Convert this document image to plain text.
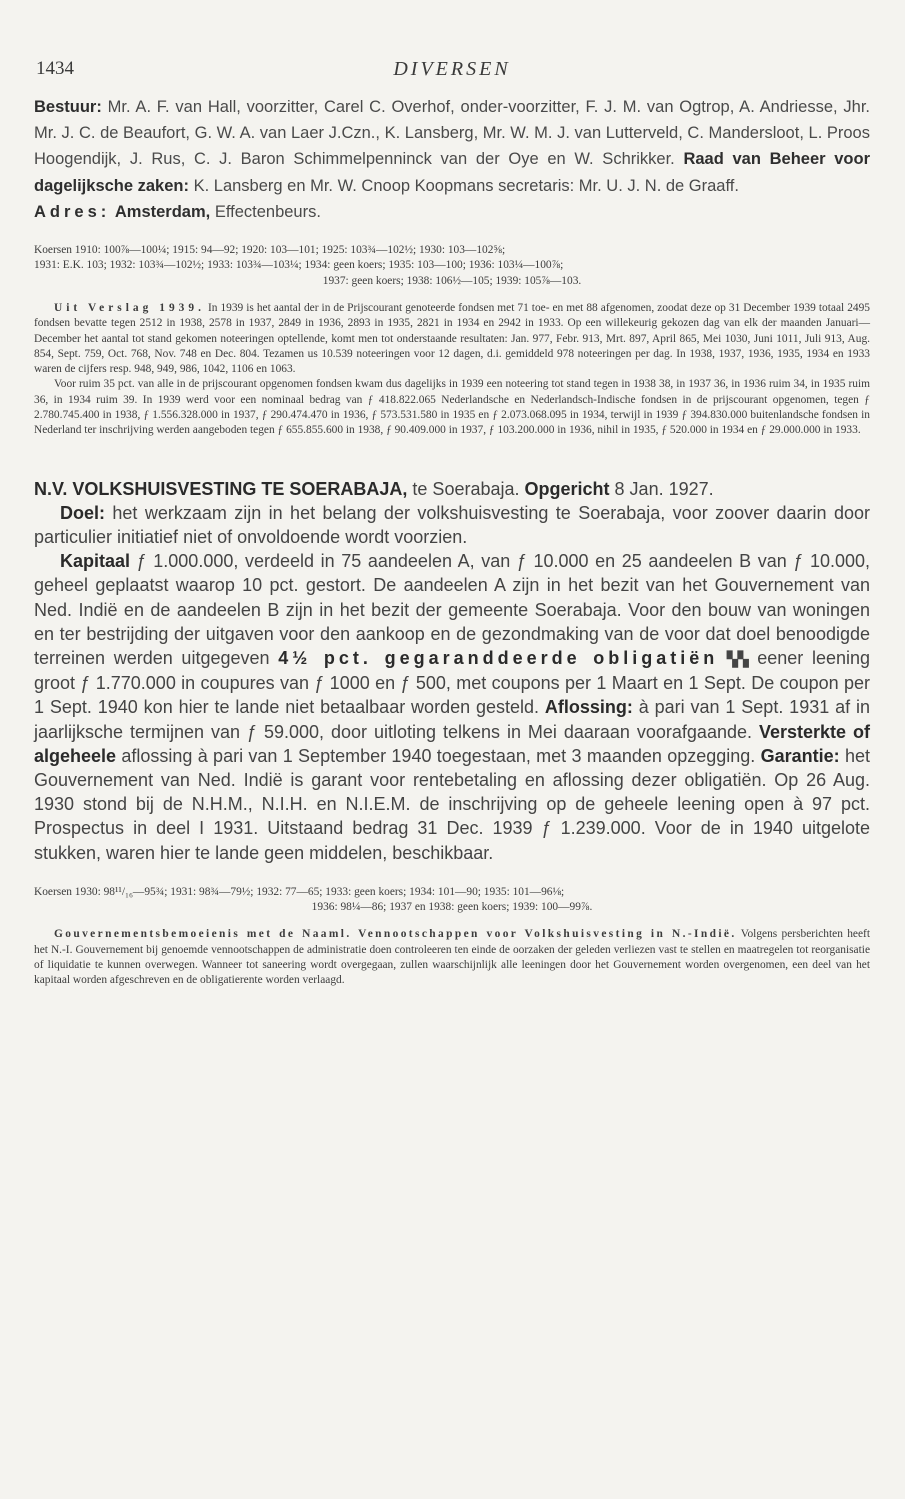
1434	DIVERSEN

Bestuur: Mr. A. F. van Hall, voorzitter, Carel C. Overhof, onder-voorzitter, F. J. M. van Ogtrop, A. Andriesse, Jhr. Mr. J. C. de Beaufort, G. W. A. van Laer J.Czn., K. Lansberg, Mr. W. M. J. van Lutterveld, C. Mandersloot, L. Proos Hoogendijk, J. Rus, C. J. Baron Schimmelpenninck van der Oye en W. Schrikker. Raad van Beheer voor dagelijksche zaken: K. Lansberg en Mr. W. Cnoop Koopmans secretaris: Mr. U. J. N. de Graaff.

Adres: Amsterdam, Effectenbeurs.

Koersen 1910: 100⅞—100¼; 1915: 94—92; 1920: 103—101; 1925: 103¾—102½; 1930: 103—102⅝;

1931: E.K. 103; 1932: 103¾—102½; 1933: 103¾—103¼; 1934: geen koers; 1935: 103—100; 1936: 103¼—100⅞;

1937: geen koers; 1938: 106½—105; 1939: 105⅞—103.

Uit Verslag 1939. In 1939 is het aantal der in de Prijscourant genoteerde fondsen met 71 toe- en met 88 afgenomen, zoodat deze op 31 December 1939 totaal 2495 fondsen bevatte tegen 2512 in 1938, 2578 in 1937, 2849 in 1936, 2893 in 1935, 2821 in 1934 en 2942 in 1933. Op een willekeurig gekozen dag van elk der maanden Januari—December het aantal tot stand gekomen noteeringen optellende, komt men tot onderstaande resultaten: Jan. 977, Febr. 913, Mrt. 897, April 865, Mei 1030, Juni 1011, Juli 913, Aug. 854, Sept. 759, Oct. 768, Nov. 748 en Dec. 804. Tezamen us 10.539 noteeringen voor 12 dagen, d.i. gemiddeld 978 noteeringen per dag. In 1938, 1937, 1936, 1935, 1934 en 1933 waren de cijfers resp. 948, 949, 986, 1042, 1106 en 1063.

Voor ruim 35 pct. van alle in de prijscourant opgenomen fondsen kwam dus dagelijks in 1939 een noteering tot stand tegen in 1938 38, in 1937 36, in 1936 ruim 34, in 1935 ruim 36, in 1934 ruim 39. In 1939 werd voor een nominaal bedrag van ƒ 418.822.065 Nederlandsche en Nederlandsch-Indische fondsen in de prijscourant opgenomen, tegen ƒ 2.780.745.400 in 1938, ƒ 1.556.328.000 in 1937, ƒ 290.474.470 in 1936, ƒ 573.531.580 in 1935 en ƒ 2.073.068.095 in 1934, terwijl in 1939 ƒ 394.830.000 buitenlandsche fondsen in Nederland ter inschrijving werden aangeboden tegen ƒ 655.855.600 in 1938, ƒ 90.409.000 in 1937, ƒ 103.200.000 in 1936, nihil in 1935, ƒ 520.000 in 1934 en ƒ 29.000.000 in 1933.

N.V. VOLKSHUISVESTING TE SOERABAJA, te Soerabaja. Opgericht 8 Jan. 1927.

Doel: het werkzaam zijn in het belang der volkshuisvesting te Soerabaja, voor zoover daarin door particulier initiatief niet of onvoldoende wordt voorzien.

Kapitaal ƒ 1.000.000, verdeeld in 75 aandeelen A, van ƒ 10.000 en 25 aandeelen B van ƒ 10.000, geheel geplaatst waarop 10 pct. gestort. De aandeelen A zijn in het bezit van het Gouvernement van Ned. Indië en de aandeelen B zijn in het bezit der gemeente Soerabaja. Voor den bouw van woningen en ter bestrijding der uitgaven voor den aankoop en de gezondmaking van de voor dat doel benoodigde terreinen werden uitgegeven 4½ pct. gegaranddeerde obligatiën ▚▚ eener leening groot ƒ 1.770.000 in coupures van ƒ 1000 en ƒ 500, met coupons per 1 Maart en 1 Sept. De coupon per 1 Sept. 1940 kon hier te lande niet betaalbaar worden gesteld. Aflossing: à pari van 1 Sept. 1931 af in jaarlijksche termijnen van ƒ 59.000, door uitloting telkens in Mei daaraan voorafgaande. Versterkte of algeheele aflossing à pari van 1 September 1940 toegestaan, met 3 maanden opzegging. Garantie: het Gouvernement van Ned. Indië is garant voor rentebetaling en aflossing dezer obligatiën. Op 26 Aug. 1930 stond bij de N.H.M., N.I.H. en N.I.E.M. de inschrijving op de geheele leening open à 97 pct. Prospectus in deel I 1931. Uitstaand bedrag 31 Dec. 1939 ƒ 1.239.000. Voor de in 1940 uitgelote stukken, waren hier te lande geen middelen, beschikbaar.

Koersen 1930: 98¹¹/₁₆—95¾; 1931: 98¾—79½; 1932: 77—65; 1933: geen koers; 1934: 101—90; 1935: 101—96⅛;

1936: 98¼—86; 1937 en 1938: geen koers; 1939: 100—99⅞.

Gouvernementsbemoeienis met de Naaml. Vennootschappen voor Volkshuisvesting in N.-Indië. Volgens persberichten heeft het N.-I. Gouvernement bij genoemde vennootschappen de administratie doen controleeren ten einde de oorzaken der geleden verliezen vast te stellen en maatregelen tot reorganisatie of liquidatie te kunnen overwegen. Wanneer tot saneering wordt overgegaan, zullen waarschijnlijk alle leeningen door het Gouvernement worden overgenomen, een deel van het kapitaal worden afgeschreven en de obligatierente worden verlaagd.
